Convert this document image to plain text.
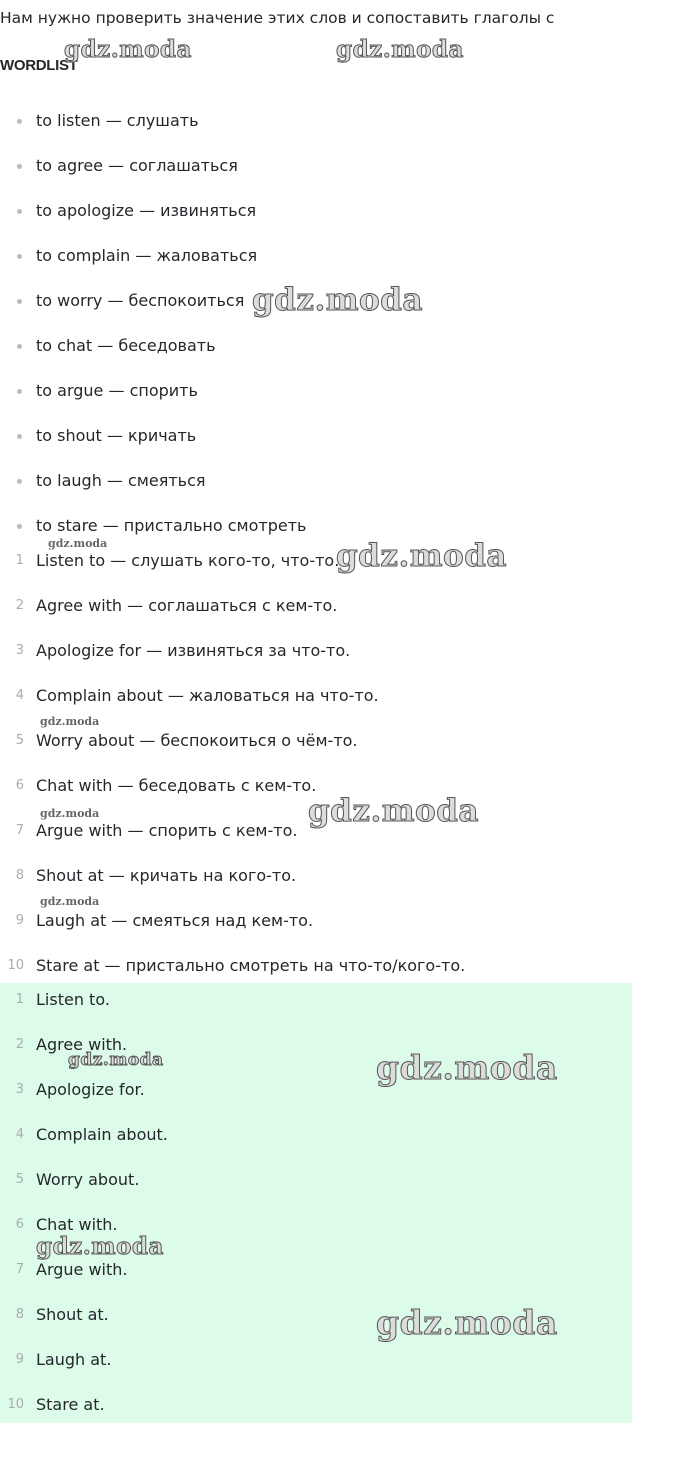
Нам нужно проверить значение этих слов и сопоставить глаголы с
WORDLIST
to listen — слушать
to agree — соглашаться
to apologize — извиняться
to complain — жаловаться
to worry — беспокоиться
to chat — беседовать
to argue — спорить
to shout — кричать
to laugh — смеяться
to stare — пристально смотреть
1 Listen to — слушать кого-то, что-то.
2 Agree with — соглашаться с кем-то.
3 Apologize for — извиняться за что-то.
4 Complain about — жаловаться на что-то.
5 Worry about — беспокоиться о чём-то.
6 Chat with — беседовать с кем-то.
7 Argue with — спорить с кем-то.
8 Shout at — кричать на кого-то.
9 Laugh at — смеяться над кем-то.
10 Stare at — пристально смотреть на что-то/кого-то.
1 Listen to.
2 Agree with.
3 Apologize for.
4 Complain about.
5 Worry about.
6 Chat with.
7 Argue with.
8 Shout at.
9 Laugh at.
10 Stare at.
gdz.moda	gdz.moda
gdz.moda
gdz.moda	gdz.moda
gdz.moda
gdz.moda	gdz.moda
gdz.moda
gdz.moda	gdz.moda
gdz.moda
gdz.moda
